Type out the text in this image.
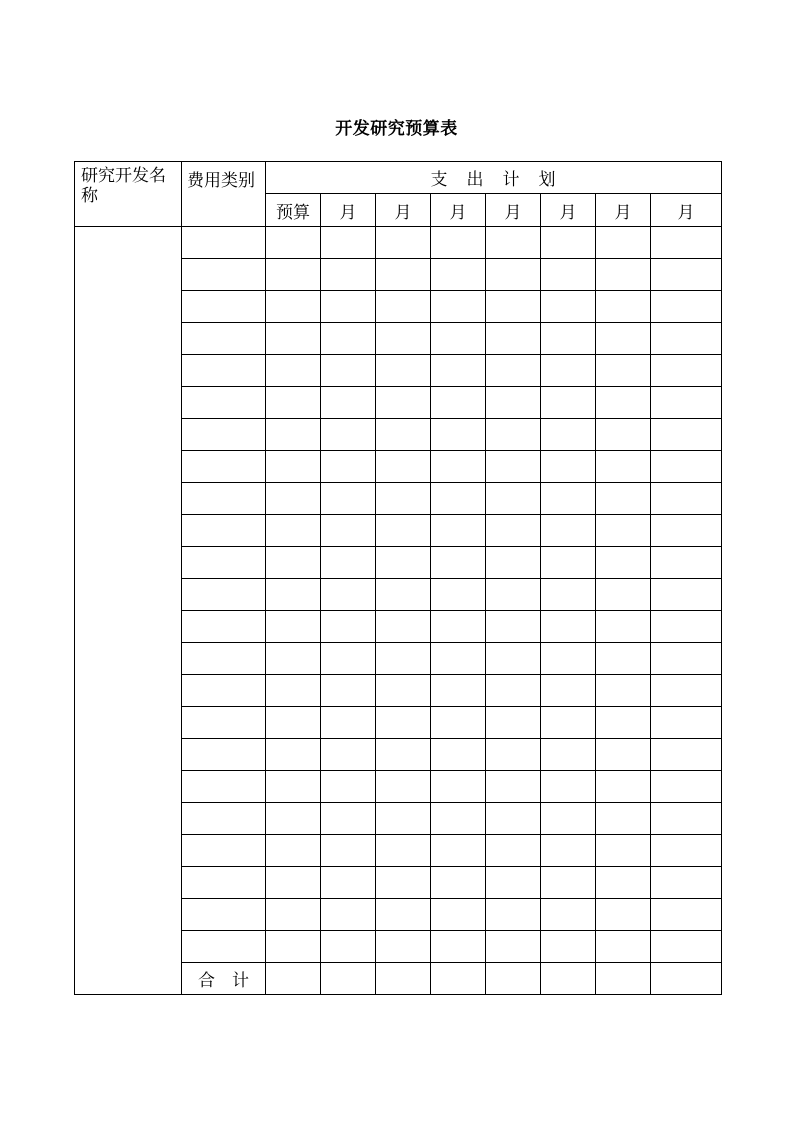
开发研究预算表
研究开发名称	费用类别	支　出　计　划							
		预算	月	月	月	月	月	月	月

	合　计								
